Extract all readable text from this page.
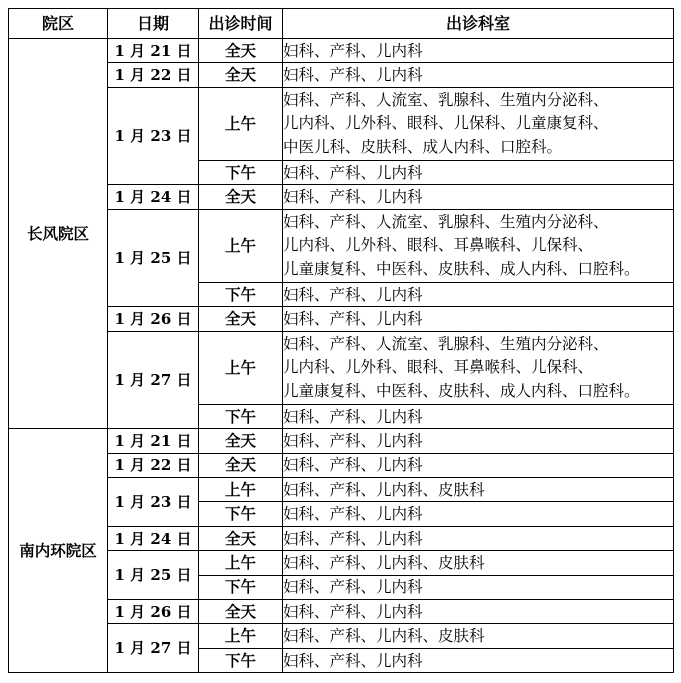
院区	日期	出诊时间	出诊科室
长风院区	1 月 21 日	全天	妇科、产科、儿内科
	1 月 22 日	全天	妇科、产科、儿内科
	1 月 23 日	上午	妇科、产科、人流室、乳腺科、生殖内分泌科、
儿内科、儿外科、眼科、儿保科、儿童康复科、
中医儿科、皮肤科、成人内科、口腔科。

		下午	妇科、产科、儿内科
	1 月 24 日	全天	妇科、产科、儿内科
	1 月 25 日	上午	妇科、产科、人流室、乳腺科、生殖内分泌科、
儿内科、儿外科、眼科、耳鼻喉科、儿保科、
儿童康复科、中医科、皮肤科、成人内科、口腔科。

		下午	妇科、产科、儿内科
	1 月 26 日	全天	妇科、产科、儿内科
	1 月 27 日	上午	妇科、产科、人流室、乳腺科、生殖内分泌科、
儿内科、儿外科、眼科、耳鼻喉科、儿保科、
儿童康复科、中医科、皮肤科、成人内科、口腔科。

		下午	妇科、产科、儿内科
南内环院区	1 月 21 日	全天	妇科、产科、儿内科
	1 月 22 日	全天	妇科、产科、儿内科
	1 月 23 日	上午	妇科、产科、儿内科、皮肤科
		下午	妇科、产科、儿内科
	1 月 24 日	全天	妇科、产科、儿内科
	1 月 25 日	上午	妇科、产科、儿内科、皮肤科
		下午	妇科、产科、儿内科
	1 月 26 日	全天	妇科、产科、儿内科
	1 月 27 日	上午	妇科、产科、儿内科、皮肤科
		下午	妇科、产科、儿内科
